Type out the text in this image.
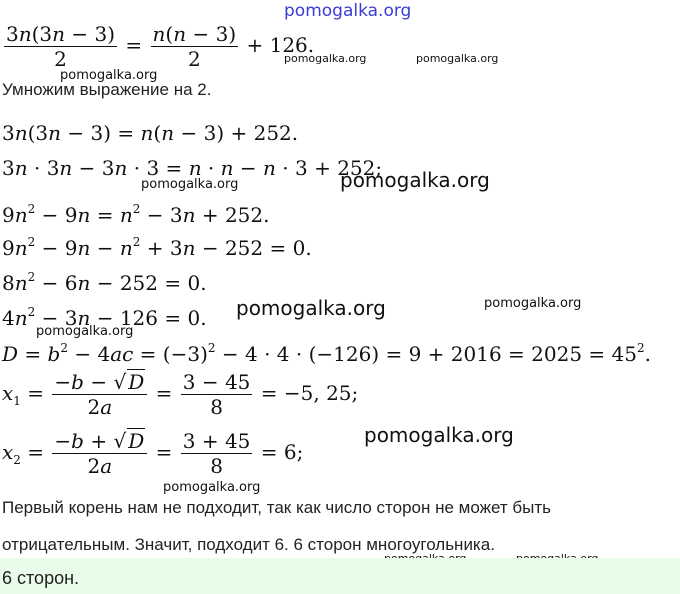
pomogalka.org
pomogalka.org	pomogalka.org
pomogalka.org
pomogalka.org	pomogalka.org
pomogalka.org	pomogalka.org
pomogalka.org
pomogalka.org
pomogalka.org
$\frac{3n(3n - 3)}{2} = \frac{n(n - 3)}{2} + 126$.
Умножим выражение на 2.
3n(3n − 3) = n(n − 3) + 252.
3n · 3n − 3n · 3 = n · n − n · 3 + 252;
$9n^2 - 9n = n^2 - 3n + 252$.
$9n^2 - 9n - n^2 + 3n - 252 = 0$.
$8n^2 - 6n - 252 = 0$.
$4n^2 - 3n - 126 = 0$.
$D = b^2 - 4ac = (-3)^2 - 4 \cdot 4 \cdot (-126) = 9 + 2016 = 2025 = 45^2$.
$x_1 = \frac{-b - √ D}{2a} = \frac{3 - 45}{8} = -5$, 25;
$x_2 = \frac{-b + √ D}{2a} = \frac{3 + 45}{8} = 6$;
Первый корень нам не подходит, так как число сторон не может быть
отрицательным. Значит, подходит 6. 6 сторон многоугольника.
6 сторон.
